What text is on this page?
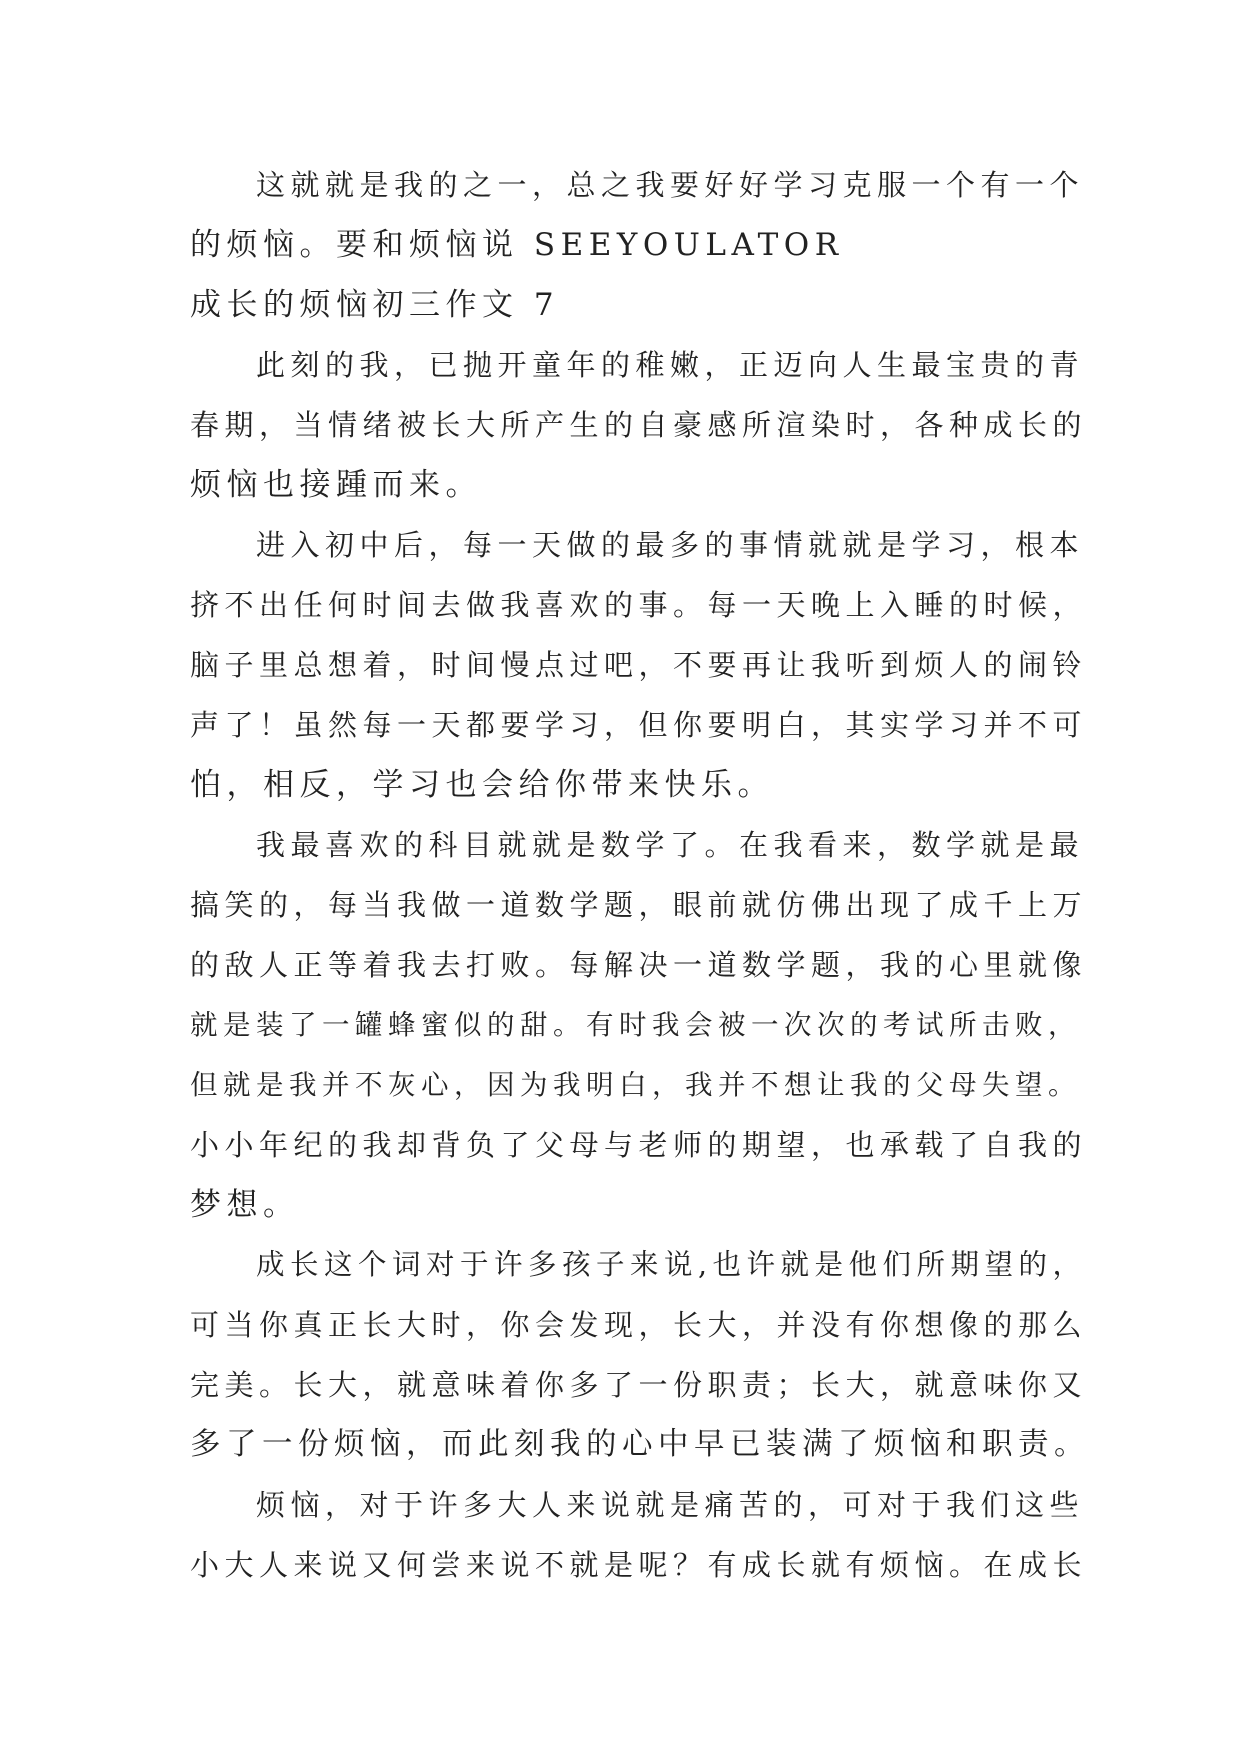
这就就是我的之一，总之我要好好学习克服一个有一个
的烦恼。要和烦恼说 SEEYOULATOR
成长的烦恼初三作文 7
此刻的我，已抛开童年的稚嫩，正迈向人生最宝贵的青
春期，当情绪被长大所产生的自豪感所渲染时，各种成长的
烦恼也接踵而来。
进入初中后，每一天做的最多的事情就就是学习，根本
挤不出任何时间去做我喜欢的事。每一天晚上入睡的时候，
脑子里总想着，时间慢点过吧，不要再让我听到烦人的闹铃
声了！虽然每一天都要学习，但你要明白，其实学习并不可
怕，相反，学习也会给你带来快乐。
我最喜欢的科目就就是数学了。在我看来，数学就是最
搞笑的，每当我做一道数学题，眼前就仿佛出现了成千上万
的敌人正等着我去打败。每解决一道数学题，我的心里就像
就是装了一罐蜂蜜似的甜。有时我会被一次次的考试所击败，
但就是我并不灰心，因为我明白，我并不想让我的父母失望。
小小年纪的我却背负了父母与老师的期望，也承载了自我的
梦想。
成长这个词对于许多孩子来说,也许就是他们所期望的，
可当你真正长大时，你会发现，长大，并没有你想像的那么
完美。长大，就意味着你多了一份职责；长大，就意味你又
多了一份烦恼，而此刻我的心中早已装满了烦恼和职责。
烦恼，对于许多大人来说就是痛苦的，可对于我们这些
小大人来说又何尝来说不就是呢？有成长就有烦恼。在成长
